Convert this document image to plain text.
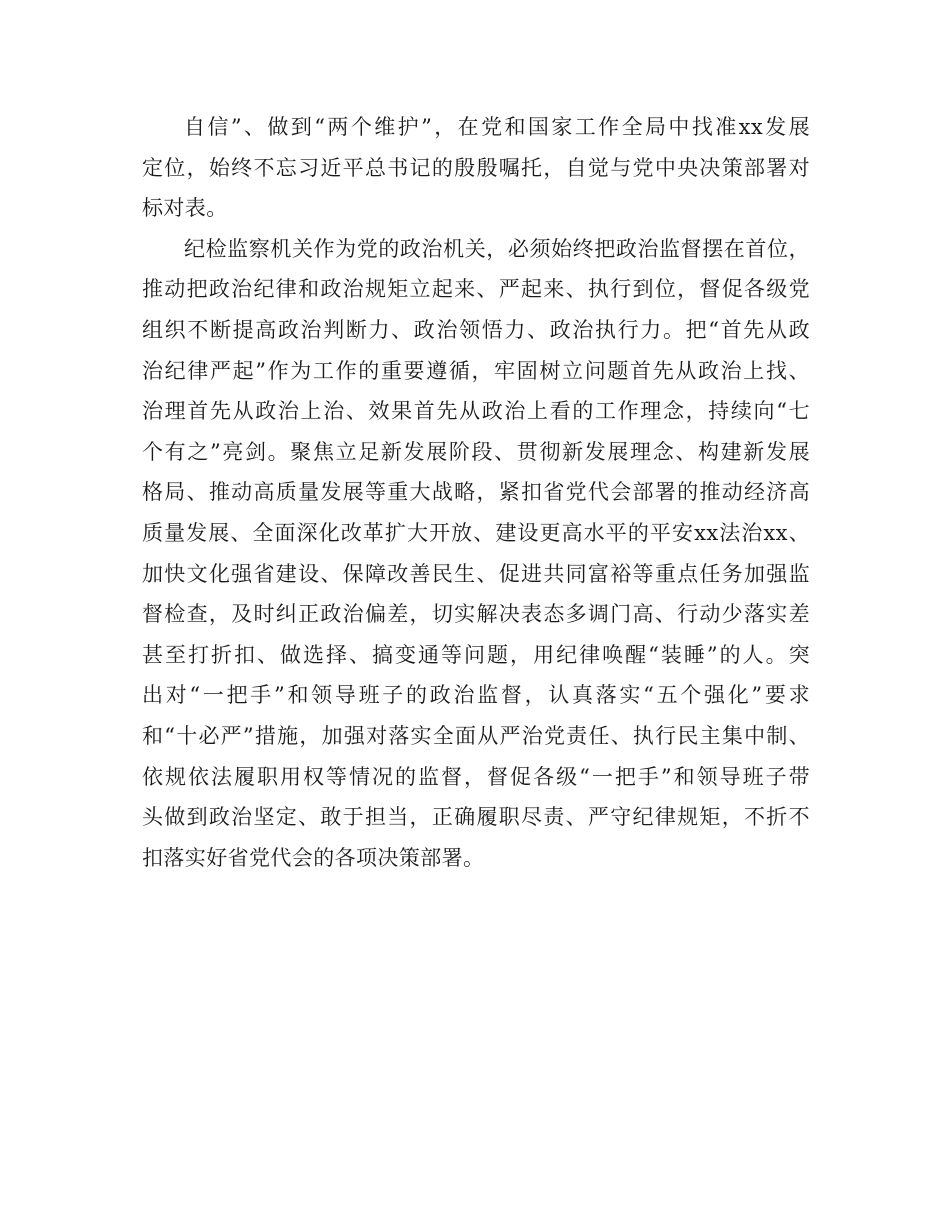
自信”、做到“两个维护”，在党和国家工作全局中找准xx发展
定位，始终不忘习近平总书记的殷殷嘱托，自觉与党中央决策部署对
标对表。

纪检监察机关作为党的政治机关，必须始终把政治监督摆在首位，
推动把政治纪律和政治规矩立起来、严起来、执行到位，督促各级党
组织不断提高政治判断力、政治领悟力、政治执行力。把“首先从政
治纪律严起”作为工作的重要遵循，牢固树立问题首先从政治上找、
治理首先从政治上治、效果首先从政治上看的工作理念，持续向“七
个有之”亮剑。聚焦立足新发展阶段、贯彻新发展理念、构建新发展
格局、推动高质量发展等重大战略，紧扣省党代会部署的推动经济高
质量发展、全面深化改革扩大开放、建设更高水平的平安xx法治xx、
加快文化强省建设、保障改善民生、促进共同富裕等重点任务加强监
督检查，及时纠正政治偏差，切实解决表态多调门高、行动少落实差
甚至打折扣、做选择、搞变通等问题，用纪律唤醒“装睡”的人。突
出对“一把手”和领导班子的政治监督，认真落实“五个强化”要求
和“十必严”措施，加强对落实全面从严治党责任、执行民主集中制、
依规依法履职用权等情况的监督，督促各级“一把手”和领导班子带
头做到政治坚定、敢于担当，正确履职尽责、严守纪律规矩，不折不
扣落实好省党代会的各项决策部署。
